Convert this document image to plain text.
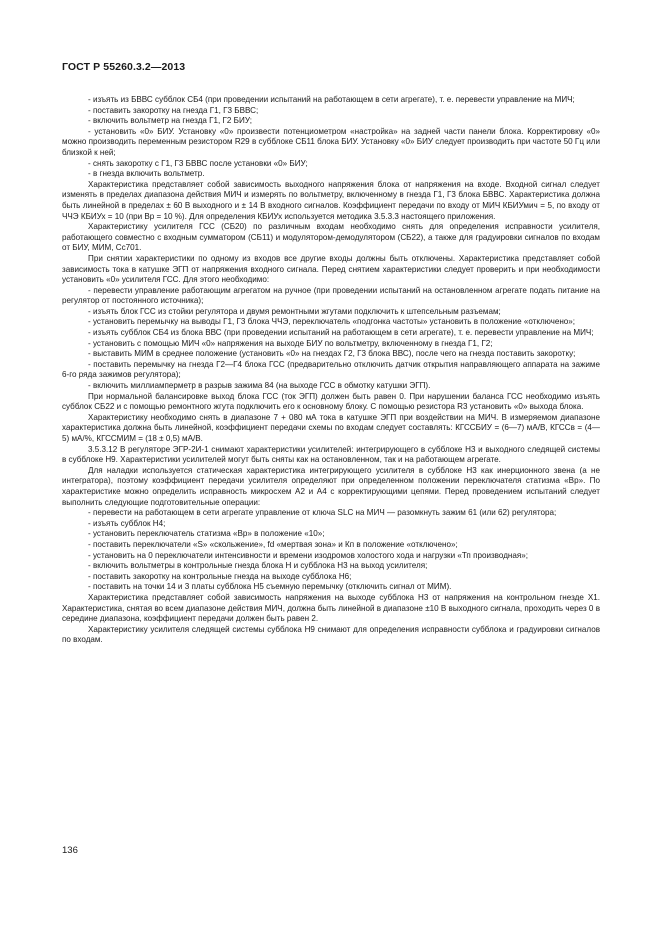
ГОСТ Р 55260.3.2—2013

- изъять из БВВС субблок СБ4 (при проведении испытаний на работающем в сети агрегате), т. е. перевести управление на МИЧ;

- поставить закоротку на гнезда Г1, Г3 БВВС;

- включить вольтметр на гнезда Г1, Г2 БИУ;

- установить «0» БИУ. Установку «0» произвести потенциометром «настройка» на задней части панели блока. Корректировку «0» можно производить переменным резистором R29 в субблоке СБ11 блока БИУ. Установку «0» БИУ следует производить при частоте 50 Гц или близкой к ней;

- снять закоротку с Г1, Г3 БВВС после установки «0» БИУ;

- в гнезда включить вольтметр.

Характеристика представляет собой зависимость выходного напряжения блока от напряжения на входе. Входной сигнал следует изменять в пределах диапазона действия МИЧ и измерять по вольтметру, включенному в гнезда Г1, Г3 блока БВВС. Характеристика должна быть линейной в пределах ± 60 В выходного и ± 14 В входного сигналов. Коэффициент передачи по входу от МИЧ КБИУмич = 5, по входу от ЧЧЭ КБИУх = 10 (при Вр = 10 %). Для определения КБИУх используется методика 3.5.3.3 настоящего приложения.

Характеристику усилителя ГСС (СБ20) по различным входам необходимо снять для определения исправности усилителя, работающего совместно с входным сумматором (СБ11) и модулятором-демодулятором (СБ22), а также для градуировки сигналов по входам от БИУ, МИМ, Сс701.

При снятии характеристики по одному из входов все другие входы должны быть отключены. Характеристика представляет собой зависимость тока в катушке ЭГП от напряжения входного сигнала. Перед снятием характеристики следует проверить и при необходимости установить «0» усилителя ГСС. Для этого необходимо:

- перевести управление работающим агрегатом на ручное (при проведении испытаний на остановленном агрегате подать питание на регулятор от постоянного источника);

- изъять блок ГСС из стойки регулятора и двумя ремонтными жгутами подключить к штепсельным разъемам;

- установить перемычку на выводы Г1, Г3 блока ЧЧЭ, переключатель «подгонка частоты» установить в положение «отключено»;

- изъять субблок СБ4 из блока ВВС (при проведении испытаний на работающем в сети агрегате), т. е. перевести управление на МИЧ;

- установить с помощью МИЧ «0» напряжения на выходе БИУ по вольтметру, включенному в гнезда Г1, Г2;

- выставить МИМ в среднее положение (установить «0» на гнездах Г2, Г3 блока ВВС), после чего на гнезда поставить закоротку;

- поставить перемычку на гнезда Г2—Г4 блока ГСС (предварительно отключить датчик открытия направляющего аппарата на зажиме 6-го ряда зажимов регулятора);

- включить миллиамперметр в разрыв зажима 84 (на выходе ГСС в обмотку катушки ЭГП).

При нормальной балансировке выход блока ГСС (ток ЭГП) должен быть равен 0. При нарушении баланса ГСС необходимо изъять субблок СБ22 и с помощью ремонтного жгута подключить его к основному блоку. С помощью резистора R3 установить «0» выхода блока.

Характеристику необходимо снять в диапазоне 7 + 080 мА тока в катушке ЭГП при воздействии на МИЧ. В измеряемом диапазоне характеристика должна быть линейной, коэффициент передачи схемы по входам следует составлять: КГССБИУ = (6—7) мА/В, КГССв = (4—5) мА/%, КГССМИМ = (18 ± 0,5) мА/В.

3.5.3.12 В регуляторе ЭГР-2И-1 снимают характеристики усилителей: интегрирующего в субблоке Н3 и выходного следящей системы в субблоке Н9. Характеристики усилителей могут быть сняты как на остановленном, так и на работающем агрегате.

Для наладки используется статическая характеристика интегрирующего усилителя в субблоке Н3 как инерционного звена (а не интегратора), поэтому коэффициент передачи усилителя определяют при определенном положении переключателя статизма «Вр». По характеристике можно определить исправность микросхем А2 и А4 с корректирующими цепями. Перед проведением испытаний следует выполнить следующие подготовительные операции:

- перевести на работающем в сети агрегате управление от ключа SLC на МИЧ — разомкнуть зажим 61 (или 62) регулятора;

- изъять субблок Н4;

- установить переключатель статизма «Вр» в положение «10»;

- поставить переключатели «S» «скольжение», fd «мертвая зона» и Кп в положение «отключено»;

- установить на 0 переключатели интенсивности и времени изодромов холостого хода и нагрузки «Тп производная»;

- включить вольтметры в контрольные гнезда блока Н и субблока Н3 на выход усилителя;

- поставить закоротку на контрольные гнезда на выходе субблока Н6;

- поставить на точки 14 и 3 платы субблока Н5 съемную перемычку (отключить сигнал от МИМ).

Характеристика представляет собой зависимость напряжения на выходе субблока Н3 от напряжения на контрольном гнезде Х1. Характеристика, снятая во всем диапазоне действия МИЧ, должна быть линейной в диапазоне ±10 В выходного сигнала, проходить через 0 в середине диапазона, коэффициент передачи должен быть равен 2.

Характеристику усилителя следящей системы субблока Н9 снимают для определения исправности субблока и градуировки сигналов по входам.

136
